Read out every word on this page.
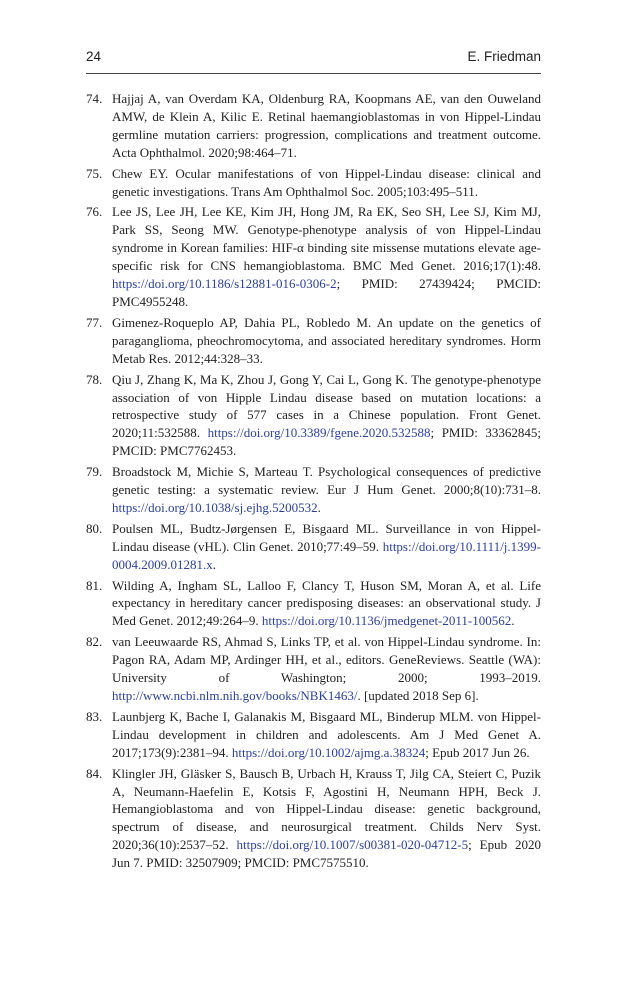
24	E. Friedman
74. Hajjaj A, van Overdam KA, Oldenburg RA, Koopmans AE, van den Ouweland AMW, de Klein A, Kilic E. Retinal haemangioblastomas in von Hippel-Lindau germline mutation carriers: progression, complications and treatment outcome. Acta Ophthalmol. 2020;98:464–71.
75. Chew EY. Ocular manifestations of von Hippel-Lindau disease: clinical and genetic investigations. Trans Am Ophthalmol Soc. 2005;103:495–511.
76. Lee JS, Lee JH, Lee KE, Kim JH, Hong JM, Ra EK, Seo SH, Lee SJ, Kim MJ, Park SS, Seong MW. Genotype-phenotype analysis of von Hippel-Lindau syndrome in Korean families: HIF-α binding site missense mutations elevate age-specific risk for CNS hemangioblastoma. BMC Med Genet. 2016;17(1):48. https://doi.org/10.1186/s12881-016-0306-2; PMID: 27439424; PMCID: PMC4955248.
77. Gimenez-Roqueplo AP, Dahia PL, Robledo M. An update on the genetics of paraganglioma, pheochromocytoma, and associated hereditary syndromes. Horm Metab Res. 2012;44:328–33.
78. Qiu J, Zhang K, Ma K, Zhou J, Gong Y, Cai L, Gong K. The genotype-phenotype association of von Hipple Lindau disease based on mutation locations: a retrospective study of 577 cases in a Chinese population. Front Genet. 2020;11:532588. https://doi.org/10.3389/fgene.2020.532588; PMID: 33362845; PMCID: PMC7762453.
79. Broadstock M, Michie S, Marteau T. Psychological consequences of predictive genetic testing: a systematic review. Eur J Hum Genet. 2000;8(10):731–8. https://doi.org/10.1038/sj.ejhg.5200532.
80. Poulsen ML, Budtz-Jørgensen E, Bisgaard ML. Surveillance in von Hippel-Lindau disease (vHL). Clin Genet. 2010;77:49–59. https://doi.org/10.1111/j.1399-0004.2009.01281.x.
81. Wilding A, Ingham SL, Lalloo F, Clancy T, Huson SM, Moran A, et al. Life expectancy in hereditary cancer predisposing diseases: an observational study. J Med Genet. 2012;49:264–9. https://doi.org/10.1136/jmedgenet-2011-100562.
82. van Leeuwaarde RS, Ahmad S, Links TP, et al. von Hippel-Lindau syndrome. In: Pagon RA, Adam MP, Ardinger HH, et al., editors. GeneReviews. Seattle (WA): University of Washington; 2000; 1993–2019. http://www.ncbi.nlm.nih.gov/books/NBK1463/. [updated 2018 Sep 6].
83. Launbjerg K, Bache I, Galanakis M, Bisgaard ML, Binderup MLM. von Hippel-Lindau development in children and adolescents. Am J Med Genet A. 2017;173(9):2381–94. https://doi.org/10.1002/ajmg.a.38324; Epub 2017 Jun 26.
84. Klingler JH, Gläsker S, Bausch B, Urbach H, Krauss T, Jilg CA, Steiert C, Puzik A, Neumann-Haefelin E, Kotsis F, Agostini H, Neumann HPH, Beck J. Hemangioblastoma and von Hippel-Lindau disease: genetic background, spectrum of disease, and neurosurgical treatment. Childs Nerv Syst. 2020;36(10):2537–52. https://doi.org/10.1007/s00381-020-04712-5; Epub 2020 Jun 7. PMID: 32507909; PMCID: PMC7575510.
